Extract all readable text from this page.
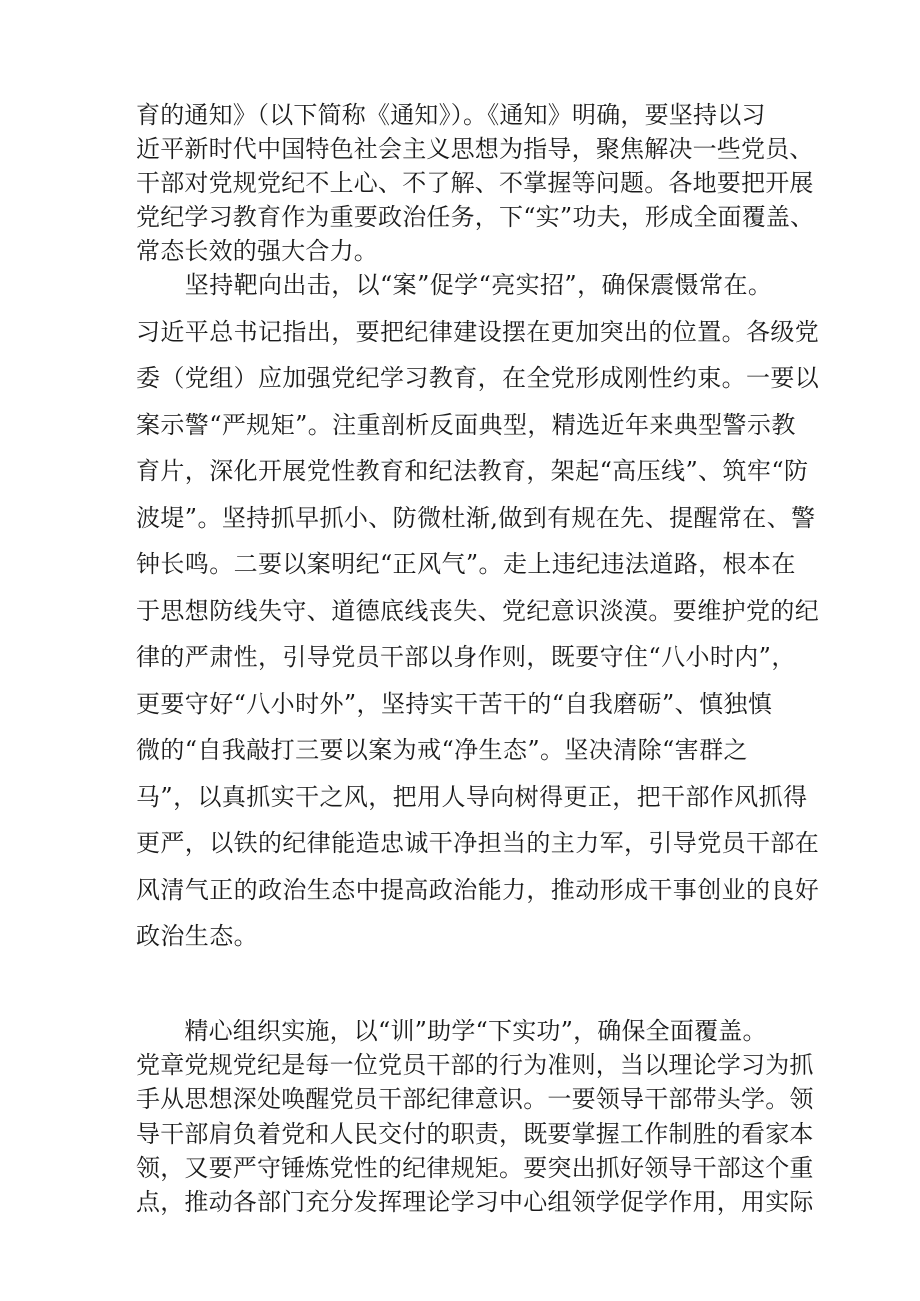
育的通知》（以下简称《通知》）。《通知》明确，要坚持以习
近平新时代中国特色社会主义思想为指导，聚焦解决一些党员、
干部对党规党纪不上心、不了解、不掌握等问题。各地要把开展
党纪学习教育作为重要政治任务，下“实”功夫，形成全面覆盖、
常态长效的强大合力。

　　坚持靶向出击，以“案”促学“亮实招”，确保震慑常在。
习近平总书记指出，要把纪律建设摆在更加突出的位置。各级党
委（党组）应加强党纪学习教育，在全党形成刚性约束。一要以
案示警“严规矩”。注重剖析反面典型，精选近年来典型警示教
育片，深化开展党性教育和纪法教育，架起“高压线”、筑牢“防
波堤”。坚持抓早抓小、防微杜渐,做到有规在先、提醒常在、警
钟长鸣。二要以案明纪“正风气”。走上违纪违法道路，根本在
于思想防线失守、道德底线丧失、党纪意识淡漠。要维护党的纪
律的严肃性，引导党员干部以身作则，既要守住“八小时内”，
更要守好“八小时外”，坚持实干苦干的“自我磨砺”、慎独慎
微的“自我敲打三要以案为戒“净生态”。坚决清除“害群之
马”，以真抓实干之风，把用人导向树得更正，把干部作风抓得
更严，以铁的纪律能造忠诚干净担当的主力军，引导党员干部在
风清气正的政治生态中提高政治能力，推动形成干事创业的良好
政治生态。

　　精心组织实施，以“训”助学“下实功”，确保全面覆盖。
党章党规党纪是每一位党员干部的行为准则，当以理论学习为抓
手从思想深处唤醒党员干部纪律意识。一要领导干部带头学。领
导干部肩负着党和人民交付的职责，既要掌握工作制胜的看家本
领，又要严守锤炼党性的纪律规矩。要突出抓好领导干部这个重
点，推动各部门充分发挥理论学习中心组领学促学作用，用实际
